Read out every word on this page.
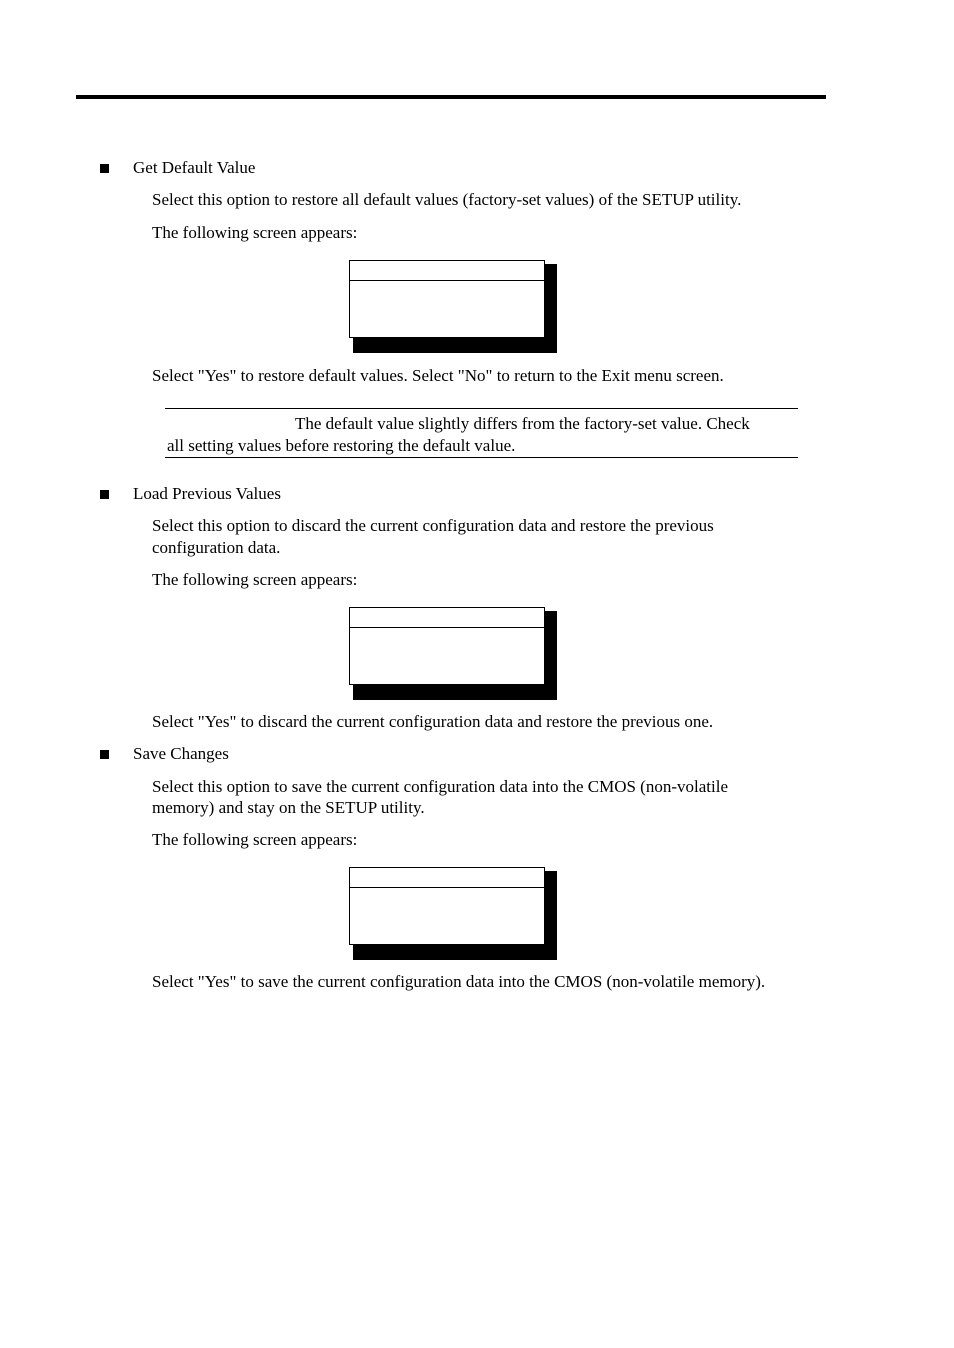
Get Default Value
Select this option to restore all default values (factory-set values) of the SETUP utility.
The following screen appears:
Select "Yes" to restore default values. Select "No" to return to the Exit menu screen.
The default value slightly differs from the factory-set value. Check
all setting values before restoring the default value.
Load Previous Values
Select this option to discard the current configuration data and restore the previous
configuration data.
The following screen appears:
Select "Yes" to discard the current configuration data and restore the previous one.
Save Changes
Select this option to save the current configuration data into the CMOS (non-volatile
memory) and stay on the SETUP utility.
The following screen appears:
Select "Yes" to save the current configuration data into the CMOS (non-volatile memory).
